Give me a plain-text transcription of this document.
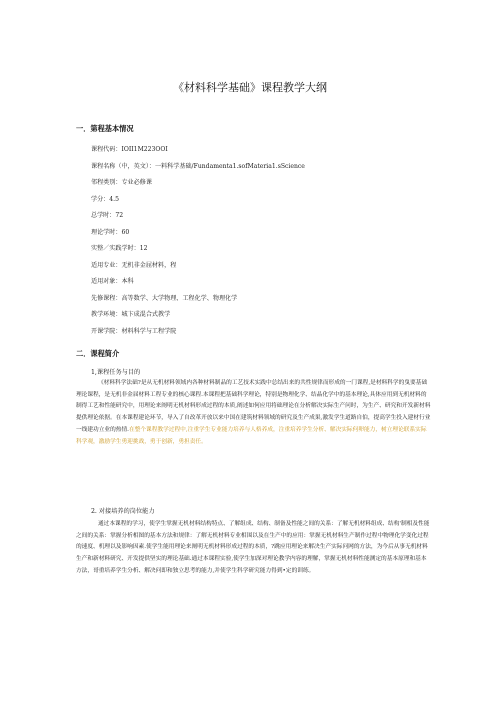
《材料科学基础》课程教学大纲
一．第程基本情况
课程代码：IOII1M223OOI
课程名称（中，英文）：一料科学基础/Fundamenta1.sofMateria1.sScience
邻程类别：专业必修课
学分：4.5
总学时：72
理论学时：60
实整／实践学时：12
适用专业：无机非金屈材料，程
适用对象：本科
先修课程：高等数学、大学物理、工程化学、物理化学
教学环境：城卞成混合式教学
开课学院：材料科学与工程学院
二．课程简介
1,课程任务与目的
《材料科学法础?是从无机材料领域内各种材料制品的工艺技术实践中总结出来的共性规律而形成的一门课程,是材料科学的曳要基础理论课程，是无机非金届材料工程专业的核心课程.本课程把基础科学理论，特别是物理化学、结晶化学中的基本理论,具体应用到无机材料的制得工艺和性能研究中，用理论来阐明无机材料形成过程的本质,阐述如何应用将础理论在分析解决实际生产问时，为生产、研究和开发新材料提供理论依据。在本课程建论环节，导入了自改革开放以来中国在建筑材料领域的研究及生产成果,激发学生道路自伯，提高学生投入建材行业一线建功立业的热情.在整个课程教学过程中,注重学生专业能力培养与人格养成，注重培养学生分析、解决实际何卵能力，树立理论联系实际科学观，激励学生勇迎挑战，勇于创新，勇担责任。
2. 对接培养的岗位能力
通过本课程的学习，使学生掌握无机材料结构特点、了解组成、结构、制备及性能之间的关系：了解无机材料组成、结构'制相及性能之间的关系：掌握分析相图的基本方法和规律：了解无机材料专业相围以及在生产中的应用：掌握无机材料生产制作过程中物理化学变化过程的速度、机理以及影响因素.使学生能用理论来阐明无机材料形成过程的本质，?跳应用理论来解决生产实际问网的方法，为今后从事无机材料生产和新材料研究、开发提供坚实的理论基础.通过本课程实验,使学生加深对理论教学内容的理解，掌握无机材料性能测定的基本原理和基本方法，哥重培养学生分析、解决问即和独立思考的能力,并使学生科学研究能力得到•定的训练。
